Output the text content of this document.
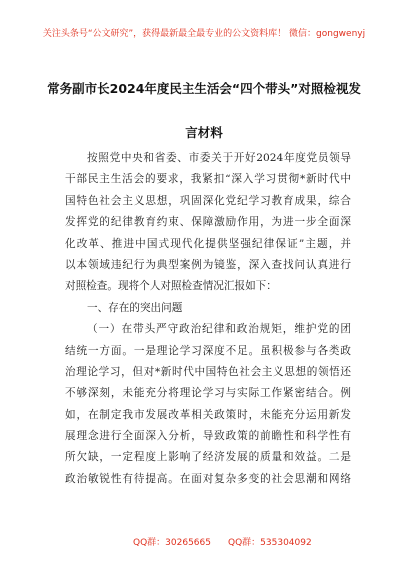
关注头条号“公文研究”，获得最新最全最专业的公文资料库！ 微信：gongwenyj
常务副市长2024年度民主生活会“四个带头”对照检视发
言材料
按照党中央和省委、市委关于开好2024年度党员领导
干部民主生活会的要求，我紧扣“深入学习贯彻*新时代中
国特色社会主义思想，巩固深化党纪学习教育成果，综合
发挥党的纪律教育约束、保障激励作用，为进一步全面深
化改革、推进中国式现代化提供坚强纪律保证”主题，并
以本领域违纪行为典型案例为镜鉴，深入查找问认真进行
对照检查。现将个人对照检查情况汇报如下：
一、存在的突出问题
（一）在带头严守政治纪律和政治规矩，维护党的团
结统一方面。一是理论学习深度不足。虽积极参与各类政
治理论学习，但对*新时代中国特色社会主义思想的领悟还
不够深刻，未能充分将理论学习与实际工作紧密结合。例
如，在制定我市发展改革相关政策时，未能充分运用新发
展理念进行全面深入分析，导致政策的前瞻性和科学性有
所欠缺，一定程度上影响了经济发展的质量和效益。二是
政治敏锐性有待提高。在面对复杂多变的社会思潮和网络
QQ群：30265665 QQ群：535304092
